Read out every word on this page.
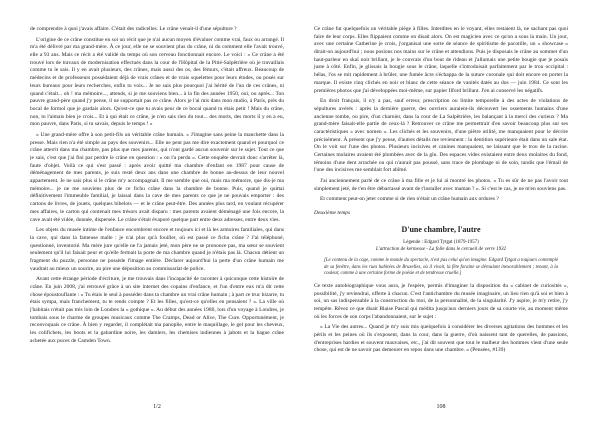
de comprendre à quoi j'avais affaire. C'était des radicelles. Le crâne venait-il d'une sépulture ?

L'origine de ce crâne constitue en soi un récit que je n'ai aucun moyen d'évaluer comme vrai, faux ou arrangé. Il m'a été délivré par ma grand-mère. À ce jour, elle ne se souvient plus du crâne, ni du comment elle l'avait trouvé, elle a 93 ans. Mais ce récit a été validé du temps où son cerveau fonctionnait encore. Le voici : « Ce crâne a été trouvé lors de travaux de modernisation effectués dans la cour de l'Hôpital de la Pitié-Salpêtrière où je travaillais comme tu le sais. Il y en avait plusieurs, des crânes, mais aussi des os, des fémurs, c'était affreux. Beaucoup de médecins et de professeurs possédaient déjà de vrais crânes et de vrais squelettes pour leurs études, ou posés sur leurs bureaux pour leurs recherches, enfin tu vois... Je ne sais plus pourquoi j'ai hérité de l'un de ces crânes, ni quand c'était... oh ! ma mémoire..., attends, si je me souviens bien... à la fin des années 1950, oui, ou après... Ton pauvre grand-père quand j'y pense, il ne supportait pas ce crâne. Alors je l'ai mis dans mon studio, à Paris, près du bocal de formol que je gardais alors. Qu'est-ce que tu avais peur de ce bocal quand tu étais petit ! Mais du crâne, non, tu l'aimais bien je crois... Et à qui était ce crâne, je n'en sais rien du tout... des morts, des morts il y en a eu, mon pauvre, dans Paris, si tu savais, depuis le temps ! »

« Une grand-mère offre à son petit-fils un véritable crâne humain. » J'imagine sans peine la manchette dans la presse. Mais rien n'a été simple au pays des souvenirs... Elle ne peut pas me dire exactement quand et pourquoi ce crâne atterrit dans ma chambre, pas plus que mes parents, qui n'ont gardé aucun souvenir sur le sujet. Tout ce que je sais, c'est que j'ai fini par perdre le crâne en question : « on l'a perdu ». Cette enquête devrait donc s'arrêter là, faute d'objet. Voilà ce qui s'est passé : après avoir quitté ma chambre d'enfant en 1987 pour cause de déménagement de mes parents, je suis resté deux ans dans une chambre de bonne au-dessus de leur nouvel appartement. Je ne sais plus si le crâne m'y accompagnait. Il me semble que oui, mais ma mémoire, que dis-je ma mémoire... je ne me souviens plus de ce fichu crâne dans la chambre de bonne. Puis, quand je quittai définitivement l'immeuble familial, je laissai dans la cave de mes parents ce que je ne pouvais emporter : des cartons de livres, de jouets, quelques bibelots — et le crâne peut-être. Des années plus tard, en voulant récupérer mes affaires, le carton qui contenait mes trésors avait disparu : mes parents avaient déménagé une fois encore, la cave avait été vidée, donnée, dispersée. Le crâne s'était évaporé quelque part entre deux adresses, entre deux vies.

Les objets du musée intime de l'enfance encombrent encore et toujours ici et là les armoires familiales, qui dans la cave, qui dans la fameuse malle : je n'ai plus qu'à fouiller, où est passé ce fichu crâne ? J'ai téléphoné, questionné, inventorié. Ma mère jure qu'elle ne l'a jamais jeté, mon père ne se prononce pas, ma sœur se souvient seulement qu'il lui faisait peur et qu'elle fermait la porte de ma chambre quand je n'étais pas là. Chacun détient un fragment du puzzle, personne ne possède l'image entière. Déclarer aujourd'hui la perte d'un crâne humain me vaudrait au mieux un sourire, au pire une déposition au commissariat de police.

Avant cette étrange période d'écriture, je me trouvais dans l'incapacité de raconter à quiconque cette histoire de crâne. En juin 2008, j'ai retrouvé grâce à un site internet des copains d'enfance, et l'un d'entre eux m'a dit cette chose époustouflante : « Tu étais le seul à posséder dans ta chambre un vrai crâne humain ; à part ce truc bizarre, tu étais sympa, mais franchement, tu te rends compte ? Et les filles, qu'est-ce qu'elles en pensaient ? ». La ville où j'habitais n'était pas très loin de Londres la « gothique ». Au début des années 1980, lors d'un voyage à Londres, je tombais sous le charme de groupes musicaux comme The Cramps, Dead or Alive, The Cure. Opportunément, je reconvoquais ce crâne. À bien y regarder, il complétait ma panoplie, entre le maquillage, le gel pour les cheveux, les colifichets, les boots et la gabardine noire, les damiers, les chemises indiennes à jabots et la bague crâne achetée aux puces de Camden Town.

Ce crâne fut quelquefois un véritable piège à filles. Interdites en le voyant, elles restaient là, ne sachant pas quoi faire de leur corps. Elles flippaient comme on disait alors. On est magicien avec ce qu'on a sous la main. Un jour, avec une certaine Catherine je crois, j'organisai une sorte de séance de spiritisme de pacotille, un « showcase » dirait-on aujourd'hui ; nous posions nos mains sur le crâne et attendions. Puis je disposais le crâne au sommet d'un haut-parleur en skaï noir brillant, je le couvrais d'un bout de rideau et j'allumais une petite bougie que je posais juste à côté. Enfin, je glissais la bougie sous le crâne, laquelle s'introduisait parfaitement par le trou occipital : hélas, l'os se mit rapidement à brûler, une fumée âcre s'échappa de la suture coronale qui doit encore en porter la marque. Il existe cinq clichés en noir et blanc de cette séance de vanités datés au dos — juin 1984. Ce sont les premières photos que j'ai développées moi-même, sur papier Ilford brillant. J'en ai conservé les négatifs.

En droit français, il n'y a pas, sauf erreur, prescription ou limite temporelle à des actes de violations de sépultures avérés : après la dernière guerre, des ouvriers auraient-ils découvert les ossements humains d'une ancienne tombe, ou pire, d'un charnier, dans la cour de La Salpêtrière, les balançant à la merci des curieux ? Ma grand-mère faisait-elle partie de ceux-là ? Retrouver ce crâne me permettrait d'en savoir beaucoup plus sur ses caractéristiques « avec nomen ». Les clichés et les souvenirs, d'une piètre utilité, me manquaient pour le décrire précisément. À présent que j'y pense, d'autres détails me reviennent : la dentition supérieure était dans un sale état. On le voit sur l'une des photos. Plusieurs incisives et canines manquaient, ne laissant que le trou de la racine. Certaines molaires avaient été plombées avec de la glu. Des espaces vides existaient entre deux molaires du fond, témoins d'une dent arrachée ou qui n'aurait pas poussé, sans trace de plombage ni de soin, tandis que l'émail de l'une des incisives me semblait fort abîmé.

J'ai anciennement parlé de ce crâne à ma fille et je lui ai montré les photos. « Tu es sûr de ne pas l'avoir tout simplement jeté, de t'en être débarrassé avant de t'installer avec maman ? ». Si c'est le cas, je ne m'en souviens pas.

Et comment peut-on jeter comme si de rien n'était un crâne humain aux ordures ?

Deuxième temps

D'une chambre, l'autre
Légende : Edgard Tytgat (1879-1957)
L'attraction de kermesse - La folle dans le cercueil de verre 1932
[Le contenu de la cage, comme le monde du spectacle, n'est pas celui qu'on imagine. Edgard Tytgat a toujours contemplé de sa fenêtre, dans les rues habitées de Bruxelles, où il vivait, la fête foraine se déroulant inexorablement ; tenant, à la couleur, comme à une certaine forme de poésie et de tendresse cruelle.]

Ce texte autobiographique vous aura, je l'espère, permis d'imaginer la disposition du « cabinet de curiosités », possibilité, j'y reviendrai, offerte à chacun. C'est l'antichambre du musée imaginaire, un lieu rien qu'à soi et bien à soi, un sas indispensable à la construction du moi, de la personnalité, de la singularité. J'y aspire, je m'y retire, j'y tempête. Rêvez ce que disait Blaise Pascal qui médita jusqu'aux derniers jours de sa courte vie, au moment même où les forces de son corps l'abandonnaient, sur le sujet :

« La Vie des autres... Quand je m'y suis mis quelquefois à considérer les diverses agitations des hommes et les périls et les peines où ils s'exposent, dans la cour, dans la guerre, d'où naissent tant de querelles, de passions, d'entreprises hardies et souvent mauvaises, etc., j'ai dit souvent que tout le malheur des hommes vient d'une seule chose, qui est de ne savoir pas demeurer en repos dans une chambre. » (Pensées, #139)

1/2	108
